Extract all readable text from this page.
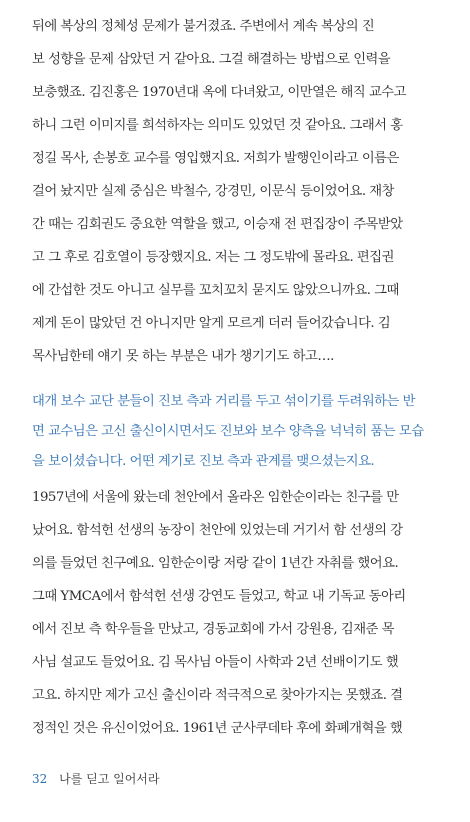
뒤에 복상의 정체성 문제가 불거졌죠. 주변에서 계속 복상의 진
보 성향을 문제 삼았던 거 같아요. 그걸 해결하는 방법으로 인력을
보충했죠. 김진홍은 1970년대 옥에 다녀왔고, 이만열은 해직 교수고
하니 그런 이미지를 희석하자는 의미도 있었던 것 같아요. 그래서 홍
정길 목사, 손봉호 교수를 영입했지요. 저희가 발행인이라고 이름은
걸어 놨지만 실제 중심은 박철수, 강경민, 이문식 등이었어요. 재창
간 때는 김회권도 중요한 역할을 했고, 이승재 전 편집장이 주목받았
고 그 후로 김호열이 등장했지요. 저는 그 정도밖에 몰라요. 편집권
에 간섭한 것도 아니고 실무를 꼬치꼬치 묻지도 않았으니까요. 그때
제게 돈이 많았던 건 아니지만 알게 모르게 더러 들어갔습니다. 김
목사님한테 얘기 못 하는 부분은 내가 챙기기도 하고….
대개 보수 교단 분들이 진보 측과 거리를 두고 섞이기를 두려워하는 반
면 교수님은 고신 출신이시면서도 진보와 보수 양측을 넉넉히 품는 모습
을 보이셨습니다. 어떤 계기로 진보 측과 관계를 맺으셨는지요.
1957년에 서울에 왔는데 천안에서 올라온 임한순이라는 친구를 만
났어요. 함석헌 선생의 농장이 천안에 있었는데 거기서 함 선생의 강
의를 들었던 친구예요. 임한순이랑 저랑 같이 1년간 자취를 했어요.
그때 YMCA에서 함석헌 선생 강연도 들었고, 학교 내 기독교 동아리
에서 진보 측 학우들을 만났고, 경동교회에 가서 강원용, 김재준 목
사님 설교도 들었어요. 김 목사님 아들이 사학과 2년 선배이기도 했
고요. 하지만 제가 고신 출신이라 적극적으로 찾아가지는 못했죠. 결
정적인 것은 유신이었어요. 1961년 군사쿠데타 후에 화폐개혁을 했
32 나를 딛고 일어서라
